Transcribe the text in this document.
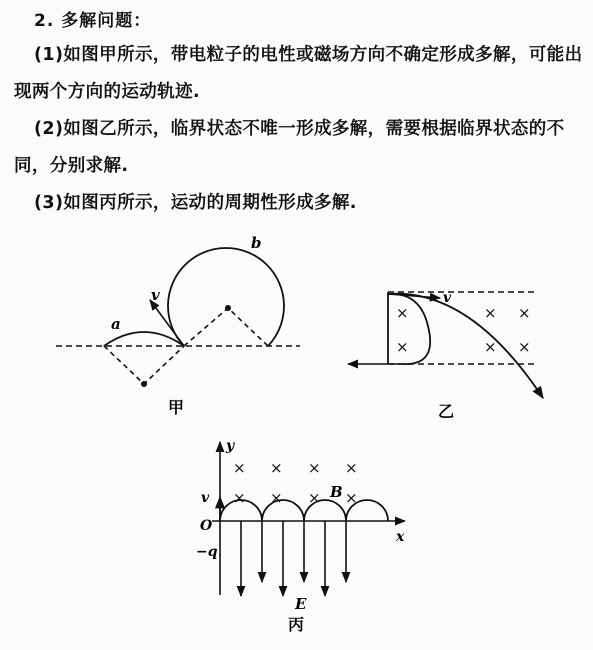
2. 多解问题：
(1)如图甲所示，带电粒子的电性或磁场方向不确定形成多解，可能出现两个方向的运动轨迹.
(2)如图乙所示，临界状态不唯一形成多解，需要根据临界状态的不同，分别求解.
(3)如图丙所示，运动的周期性形成多解.
a
b
v
甲
v
×	× ×
×	× ×
乙
× × × ×
× × × ×
y
x
O
v
−q
B
E
丙
